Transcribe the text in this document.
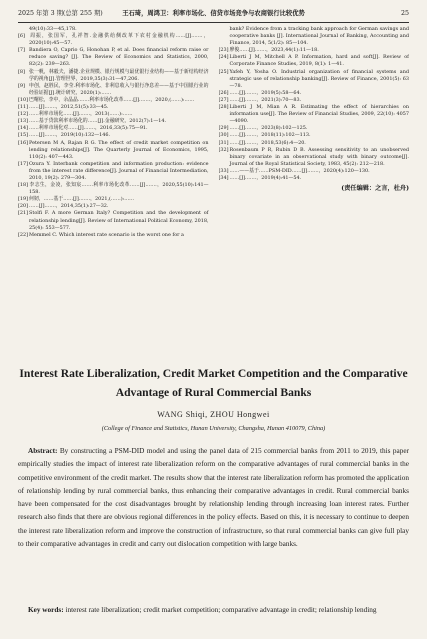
2025 年第 3 期(总第 255 期)	王石琦，周鸿卫：利率市场化、信贷市场竞争与农商银行比较优势	25

49(10):33—45,178.

[6] 周振，张国军，孔祥智.金融供给侧改革下农村金融机构……[J].……，2020(10):45—57.

[7] Bandiera O, Caprio G, Honohan P, et al. Does financial reform raise or reduce saving? [J]. The Review of Economics and Statistics, 2000, 82(2): 239—263.

[8] 张一帆，林毅夫，潘捷.企业规模、银行规模与最优银行业结构——基于新结构经济学的视角[J].管理世界，2019,35(3):31—47,206.

[9] 申创，赵胜民，李莹.利率市场化、非利息收入与银行净息差——基于中国银行业的经验证据[J].统计研究，2020(1):……

[10]巴曙松，李中，余晶晶.……利率市场化改革……[J].……，2020,(……):……

[11]……[J].……，2012,51(5):33—45.

[12]……利率市场化……[J].……，2013(……):……

[13]……基于贷款利率市场化的……[J].金融研究，2012(7):1—14.

[14]……利率市场化对……[J].……，2016,33(5):75—91.

[15]……[J].……，2019(10):132—146.

[16]Petersen M A, Rajan R G. The effect of credit market competition on lending relationships[J]. The Quarterly Journal of Economics, 1995, 110(2): 407—443.

[17]Ozura Y. Interbank competition and information production: evidence from the interest rate difference[J]. Journal of Financial Intermediation, 2010, 19(2): 279—304.

[18]李志生，金凌，张知宸.……利率市场化改革……[J].……，2020,55(10):141—158.

[19]何韧，……基于……[J].……，2021,(……):……

[20]……[J].……，2014,35(1):27—32.

[21]Stolfi F. A more German Italy? Competition and the development of relationship lending[J]. Review of International Political Economy, 2018, 25(4): 553—577.

[22]Memmel C. Which interest rate scenario is the worst one for a

bank? Evidence from a tracking bank approach for German savings and cooperative banks [J]. International Journal of Banking, Accounting and Finance, 2014, 5(1/2): 85—104.

[23]廖俊……[J].……，2023,44(1):11—18.

[24]Liberti J M, Mitchell A P. Information, hard and soft[J]. Review of Corporate Finance Studies, 2019, 8(1): 1—41.

[25]Yafeh Y, Yosha O. Industrial organization of financial systems and strategic use of relationship banking[J]. Review of Finance, 2001(5): 63—78.

[26]……[J].……，2019(5):58—64.

[27]……[J].……，2021(3):70—83.

[28]Liberti J M, Mian A R. Estimating the effect of hierarchies on information use[J]. The Review of Financial Studies, 2009, 22(10): 4057—4090.

[29]……[J].……，2023(8):102—125.

[30]……[J].……，2018(11):102—113.

[31]……[J].……，2018,53(6):4—20.

[32]Rosenbaum P R, Rubin D B. Assessing sensitivity to an unobserved binary covariate in an observational study with binary outcome[J]. Journal of the Royal Statistical Society, 1983, 45(2): 212—218.

[33]……——基于……PSM-DID……[J].……，2020(4):120—130.

[34]……[J].……，2019(4):41—54.

(责任编辑：之言，杜舟)
Interest Rate Liberalization, Credit Market Competition and the Comparative Advantage of Rural Commercial Banks
WANG Shiqi, ZHOU Hongwei
(College of Finance and Statistics, Hunan University, Changsha, Hunan 410079, China)

Abstract: By constructing a PSM-DID model and using the panel data of 215 commercial banks from 2011 to 2019, this paper empirically studies the impact of interest rate liberalization reform on the comparative advantages of rural commercial banks in the competitive environment of the credit market. The results show that the interest rate liberalization reform has promoted the application of relationship lending by rural commercial banks, thus enhancing their comparative advantages in credit. Rural commercial banks have been compensated for the cost disadvantages brought by relationship lending through increasing loan interest rates. Further research also finds that there are obvious regional differences in the policy effects. Based on this, it is necessary to continue to deepen the interest rate liberalization reform and improve the construction of infrastructure, so that rural commercial banks can give full play to their comparative advantages in credit and carry out dislocation competition with large banks.

Key words: interest rate liberalization; credit market competition; comparative advantage in credit; relationship lending
